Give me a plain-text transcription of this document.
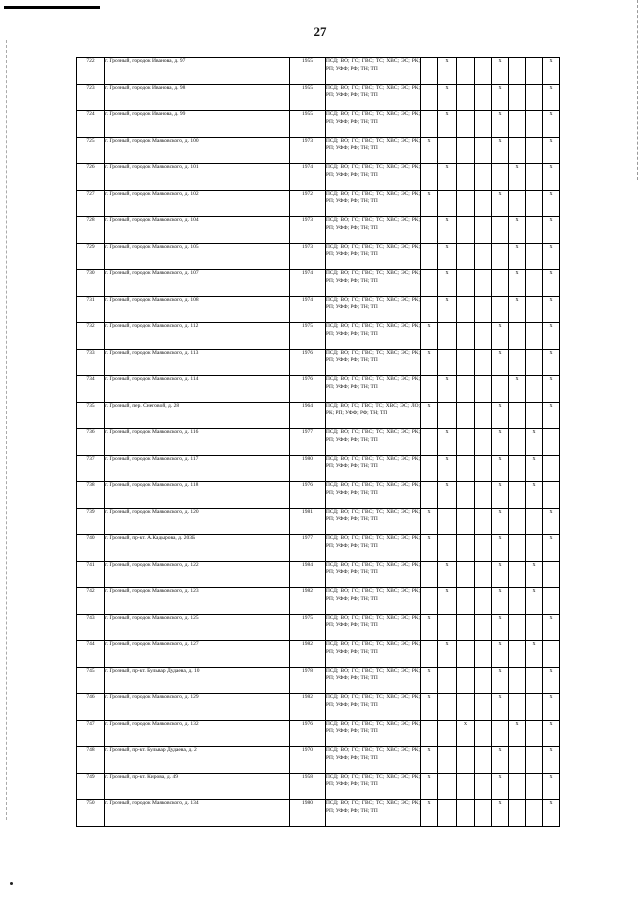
27
722	г. Грозный, городок Иванова, д. 97	1955	ПСД; ВО; ГС; ГВС; ТС; ХВС; ЭС; РК; РП; УФФ; РФ; ТН; ТП		x			x			x
723	г. Грозный, городок Иванова, д. 98	1955	ПСД; ВО; ГС; ГВС; ТС; ХВС; ЭС; РК; РП; УФФ; РФ; ТН; ТП		x			x			x
724	г. Грозный, городок Иванова, д. 99	1955	ПСД; ВО; ГС; ГВС; ТС; ХВС; ЭС; РК; РП; УФФ; РФ; ТН; ТП		x			x			x
725	г. Грозный, городок Маяковского, д. 100	1973	ПСД; ВО; ГС; ГВС; ТС; ХВС; ЭС; РК; РП; УФФ; РФ; ТН; ТП	x				x			x
726	г. Грозный, городок Маяковского, д. 101	1974	ПСД; ВО; ГС; ГВС; ТС; ХВС; ЭС; РК; РП; УФФ; РФ; ТН; ТП		x				x		x
727	г. Грозный, городок Маяковского, д. 102	1972	ПСД; ВО; ГС; ГВС; ТС; ХВС; ЭС; РК; РП; УФФ; РФ; ТН; ТП	x				x			x
728	г. Грозный, городок Маяковского, д. 104	1973	ПСД; ВО; ГС; ГВС; ТС; ХВС; ЭС; РК; РП; УФФ; РФ; ТН; ТП		x				x		x
729	г. Грозный, городок Маяковского, д. 105	1973	ПСД; ВО; ГС; ГВС; ТС; ХВС; ЭС; РК; РП; УФФ; РФ; ТН; ТП		x				x		x
730	г. Грозный, городок Маяковского, д. 107	1974	ПСД; ВО; ГС; ГВС; ТС; ХВС; ЭС; РК; РП; УФФ; РФ; ТН; ТП		x				x		x
731	г. Грозный, городок Маяковского, д. 108	1974	ПСД; ВО; ГС; ГВС; ТС; ХВС; ЭС; РК; РП; УФФ; РФ; ТН; ТП		x				x		x
732	г. Грозный, городок Маяковского, д. 112	1975	ПСД; ВО; ГС; ГВС; ТС; ХВС; ЭС; РК; РП; УФФ; РФ; ТН; ТП	x				x			x
733	г. Грозный, городок Маяковского, д. 113	1976	ПСД; ВО; ГС; ГВС; ТС; ХВС; ЭС; РК; РП; УФФ; РФ; ТН; ТП	x				x			x
734	г. Грозный, городок Маяковского, д. 114	1976	ПСД; ВО; ГС; ГВС; ТС; ХВС; ЭС; РК; РП; УФФ; РФ; ТН; ТП		x				x		x
735	г. Грозный, пер. Снеговой, д. 28	1964	ПСД; ВО; ГС; ГВС; ТС; ХВС; ЭС; ЛО; РК; РП; УФФ; РФ; ТН; ТП	x				x			x
736	г. Грозный, городок Маяковского, д. 116	1977	ПСД; ВО; ГС; ГВС; ТС; ХВС; ЭС; РК; РП; УФФ; РФ; ТН; ТП		x			x		x	
737	г. Грозный, городок Маяковского, д. 117	1980	ПСД; ВО; ГС; ГВС; ТС; ХВС; ЭС; РК; РП; УФФ; РФ; ТН; ТП		x			x		x	
738	г. Грозный, городок Маяковского, д. 118	1976	ПСД; ВО; ГС; ГВС; ТС; ХВС; ЭС; РК; РП; УФФ; РФ; ТН; ТП		x			x		x	
739	г. Грозный, городок Маяковского, д. 120	1981	ПСД; ВО; ГС; ГВС; ТС; ХВС; ЭС; РК; РП; УФФ; РФ; ТН; ТП	x				x			x
740	г. Грозный, пр-кт. А.Кадырова, д. 203Б	1977	ПСД; ВО; ГС; ГВС; ТС; ХВС; ЭС; РК; РП; УФФ; РФ; ТН; ТП	x				x			x
741	г. Грозный, городок Маяковского, д. 122	1984	ПСД; ВО; ГС; ГВС; ТС; ХВС; ЭС; РК; РП; УФФ; РФ; ТН; ТП		x			x		x	
742	г. Грозный, городок Маяковского, д. 123	1982	ПСД; ВО; ГС; ГВС; ТС; ХВС; ЭС; РК; РП; УФФ; РФ; ТН; ТП		x			x		x	
743	г. Грозный, городок Маяковского, д. 125	1975	ПСД; ВО; ГС; ГВС; ТС; ХВС; ЭС; РК; РП; УФФ; РФ; ТН; ТП	x				x			x
744	г. Грозный, городок Маяковского, д. 127	1982	ПСД; ВО; ГС; ГВС; ТС; ХВС; ЭС; РК; РП; УФФ; РФ; ТН; ТП		x			x		x	
745	г. Грозный, пр-кт. Бульвар Дудаева, д. 10	1978	ПСД; ВО; ГС; ГВС; ТС; ХВС; ЭС; РК; РП; УФФ; РФ; ТН; ТП	x				x			x
746	г. Грозный, городок Маяковского, д. 129	1982	ПСД; ВО; ГС; ГВС; ТС; ХВС; ЭС; РК; РП; УФФ; РФ; ТН; ТП	x				x			x
747	г. Грозный, городок Маяковского, д. 132	1976	ПСД; ВО; ГС; ГВС; ТС; ХВС; ЭС; РК; РП; УФФ; РФ; ТН; ТП			x			x		x
748	г. Грозный, пр-кт. Бульвар Дудаева, д. 2	1970	ПСД; ВО; ГС; ГВС; ТС; ХВС; ЭС; РК; РП; УФФ; РФ; ТН; ТП	x				x			x
749	г. Грозный, пр-кт. Кирова, д. 49	1958	ПСД; ВО; ГС; ГВС; ТС; ХВС; ЭС; РК; РП; УФФ; РФ; ТН; ТП	x				x			x
750	г. Грозный, городок Маяковского, д. 134	1980	ПСД; ВО; ГС; ГВС; ТС; ХВС; ЭС; РК; РП; УФФ; РФ; ТН; ТП	x				x			x
